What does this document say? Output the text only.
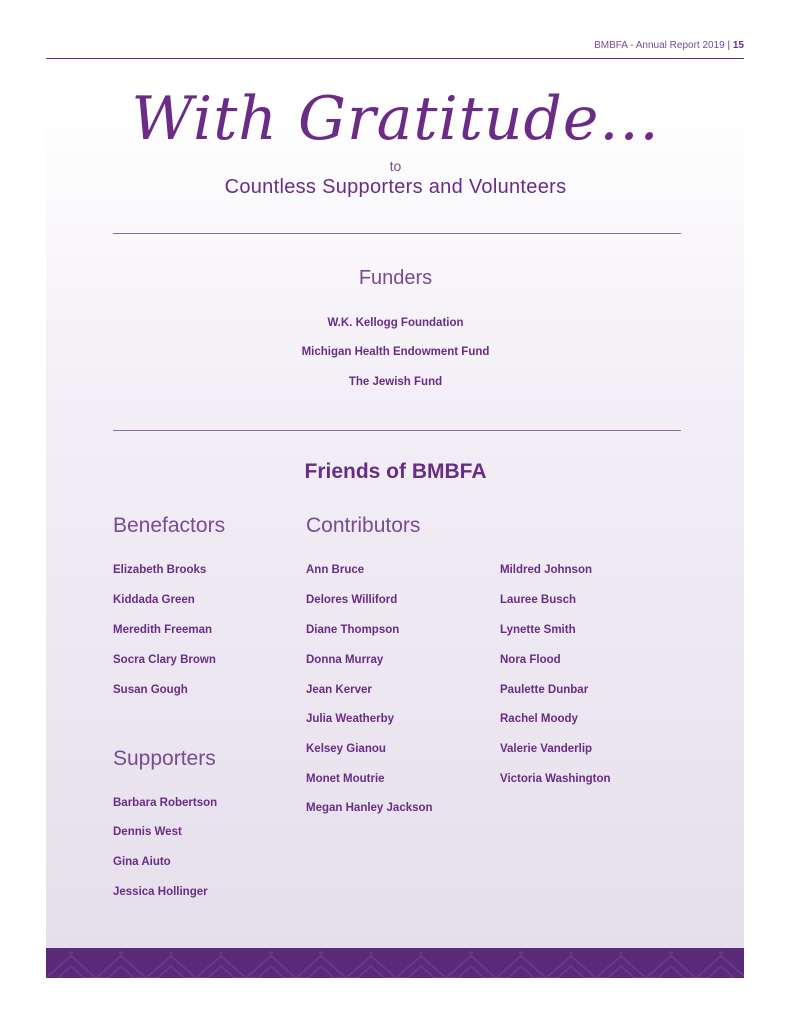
BMBFA - Annual Report 2019 | 15
With Gratitude...
to
Countless Supporters and Volunteers
Funders
W.K. Kellogg Foundation
Michigan Health Endowment Fund
The Jewish Fund
Friends of BMBFA
Benefactors
Elizabeth Brooks
Kiddada Green
Meredith Freeman
Socra Clary Brown
Susan Gough
Supporters
Barbara Robertson
Dennis West
Gina Aiuto
Jessica Hollinger
Contributors
Ann Bruce
Delores Williford
Diane Thompson
Donna Murray
Jean Kerver
Julia Weatherby
Kelsey Gianou
Monet Moutrie
Megan Hanley Jackson
Mildred Johnson
Lauree Busch
Lynette Smith
Nora Flood
Paulette Dunbar
Rachel Moody
Valerie Vanderlip
Victoria Washington
